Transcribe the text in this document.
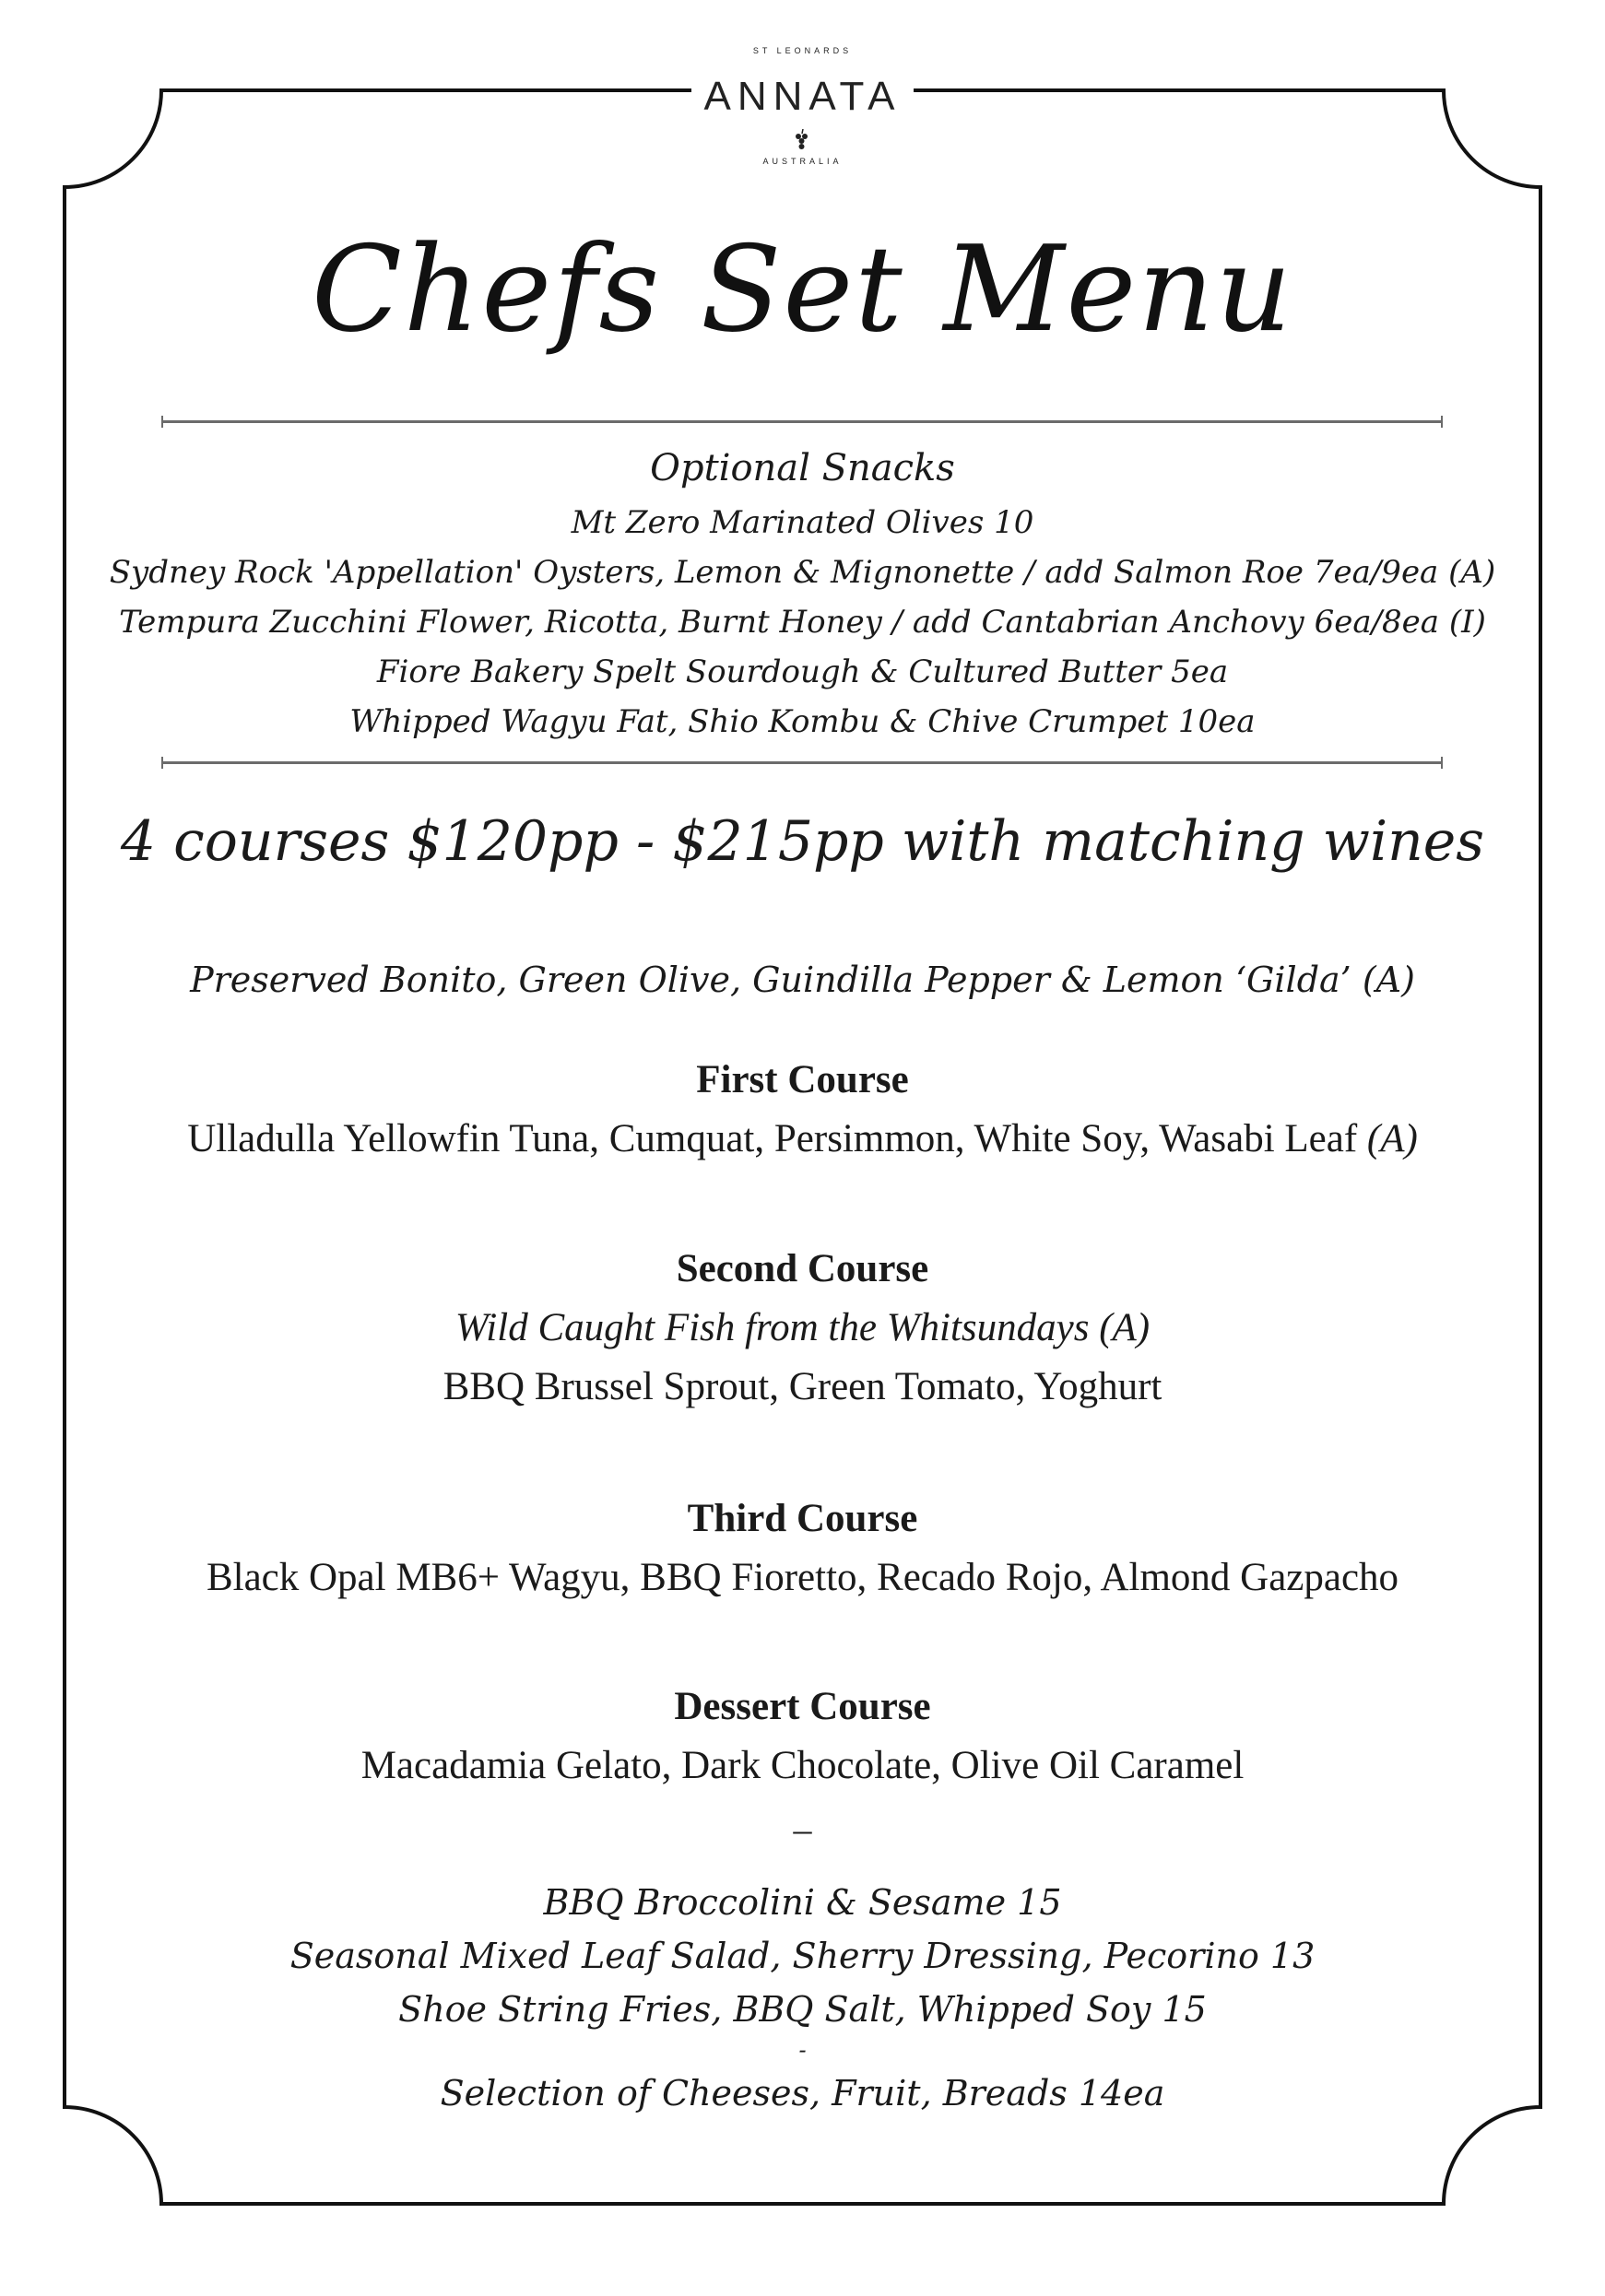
ST LEONARDS
ANNATA
AUSTRALIA
Chefs Set Menu
Optional Snacks
Mt Zero Marinated Olives 10
Sydney Rock 'Appellation' Oysters, Lemon & Mignonette / add Salmon Roe 7ea/9ea (A)
Tempura Zucchini Flower, Ricotta, Burnt Honey / add Cantabrian Anchovy 6ea/8ea (I)
Fiore Bakery Spelt Sourdough & Cultured Butter 5ea
Whipped Wagyu Fat, Shio Kombu & Chive Crumpet 10ea
4 courses $120pp - $215pp with matching wines
Preserved Bonito, Green Olive, Guindilla Pepper & Lemon ‘Gilda’ (A)
First Course
Ulladulla Yellowfin Tuna, Cumquat, Persimmon, White Soy, Wasabi Leaf (A)
Second Course
Wild Caught Fish from the Whitsundays (A)
BBQ Brussel Sprout, Green Tomato, Yoghurt
Third Course
Black Opal MB6+ Wagyu, BBQ Fioretto, Recado Rojo, Almond Gazpacho
Dessert Course
Macadamia Gelato, Dark Chocolate, Olive Oil Caramel
–
BBQ Broccolini & Sesame 15
Seasonal Mixed Leaf Salad, Sherry Dressing, Pecorino 13
Shoe String Fries, BBQ Salt, Whipped Soy 15
-
Selection of Cheeses, Fruit, Breads 14ea
